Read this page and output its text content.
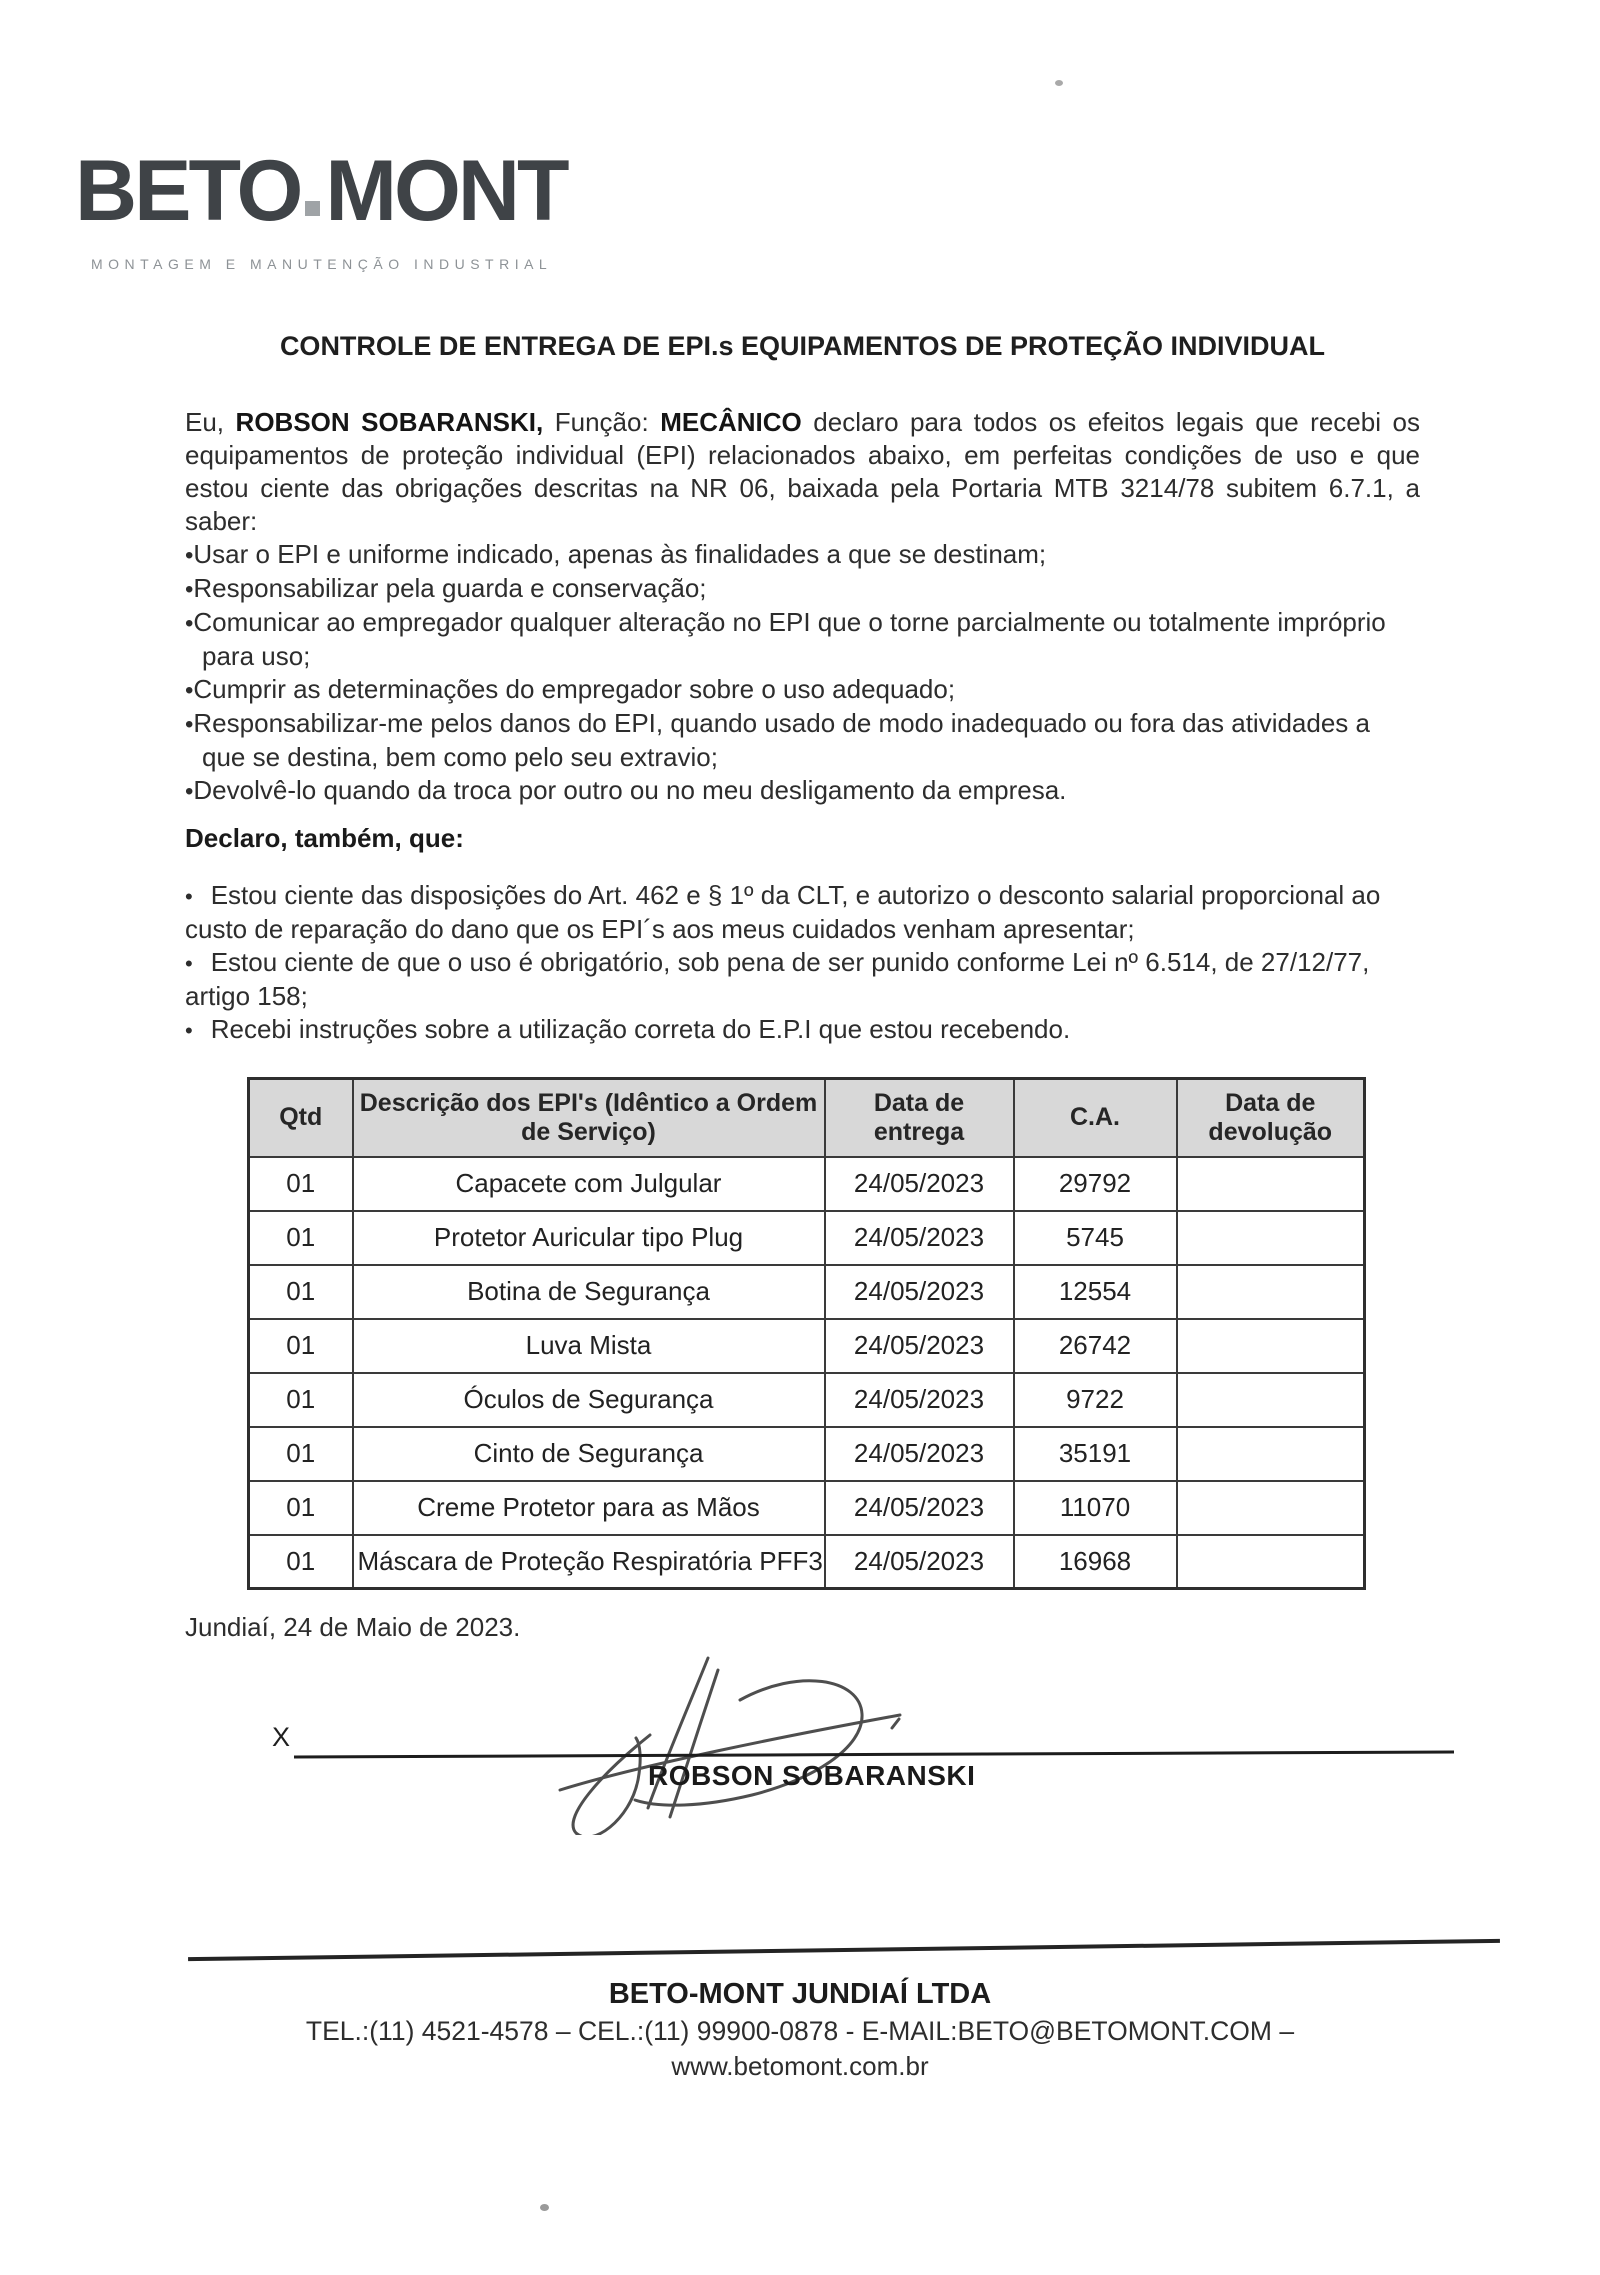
BETO MONT
MONTAGEM E MANUTENÇÃO INDUSTRIAL
CONTROLE DE ENTREGA DE EPI.s EQUIPAMENTOS DE PROTEÇÃO INDIVIDUAL

Eu, ROBSON SOBARANSKI, Função: MECÂNICO declaro para todos os efeitos legais que recebi os equipamentos de proteção individual (EPI) relacionados abaixo, em perfeitas condições de uso e que estou ciente das obrigações descritas na NR 06, baixada pela Portaria MTB 3214/78 subitem 6.7.1, a saber:

• Usar o EPI e uniforme indicado, apenas às finalidades a que se destinam;
• Responsabilizar pela guarda e conservação;
• Comunicar ao empregador qualquer alteração no EPI que o torne parcialmente ou totalmente impróprio para uso;
• Cumprir as determinações do empregador sobre o uso adequado;
• Responsabilizar-me pelos danos do EPI, quando usado de modo inadequado ou fora das atividades a que se destina, bem como pelo seu extravio;
• Devolvê-lo quando da troca por outro ou no meu desligamento da empresa.
Declaro, também, que:
• Estou ciente das disposições do Art. 462 e § 1º da CLT, e autorizo o desconto salarial proporcional ao custo de reparação do dano que os EPI´s aos meus cuidados venham apresentar;
• Estou ciente de que o uso é obrigatório, sob pena de ser punido conforme Lei nº 6.514, de 27/12/77, artigo 158;
• Recebi instruções sobre a utilização correta do E.P.I que estou recebendo.
Qtd	Descrição dos EPI's (Idêntico a Ordem de Serviço)	Data de entrega	C.A.	Data de devolução
01	Capacete com Julgular	24/05/2023	29792	
01	Protetor Auricular tipo Plug	24/05/2023	5745	
01	Botina de Segurança	24/05/2023	12554	
01	Luva Mista	24/05/2023	26742	
01	Óculos de Segurança	24/05/2023	9722	
01	Cinto de Segurança	24/05/2023	35191	
01	Creme Protetor para as Mãos	24/05/2023	11070	
01	Máscara de Proteção Respiratória PFF3	24/05/2023	16968	
Jundiaí, 24 de Maio de 2023.
X
ROBSON SOBARANSKI
BETO-MONT JUNDIAÍ LTDA
TEL.:(11) 4521-4578 – CEL.:(11) 99900-0878 - E-MAIL:BETO@BETOMONT.COM –
www.betomont.com.br
